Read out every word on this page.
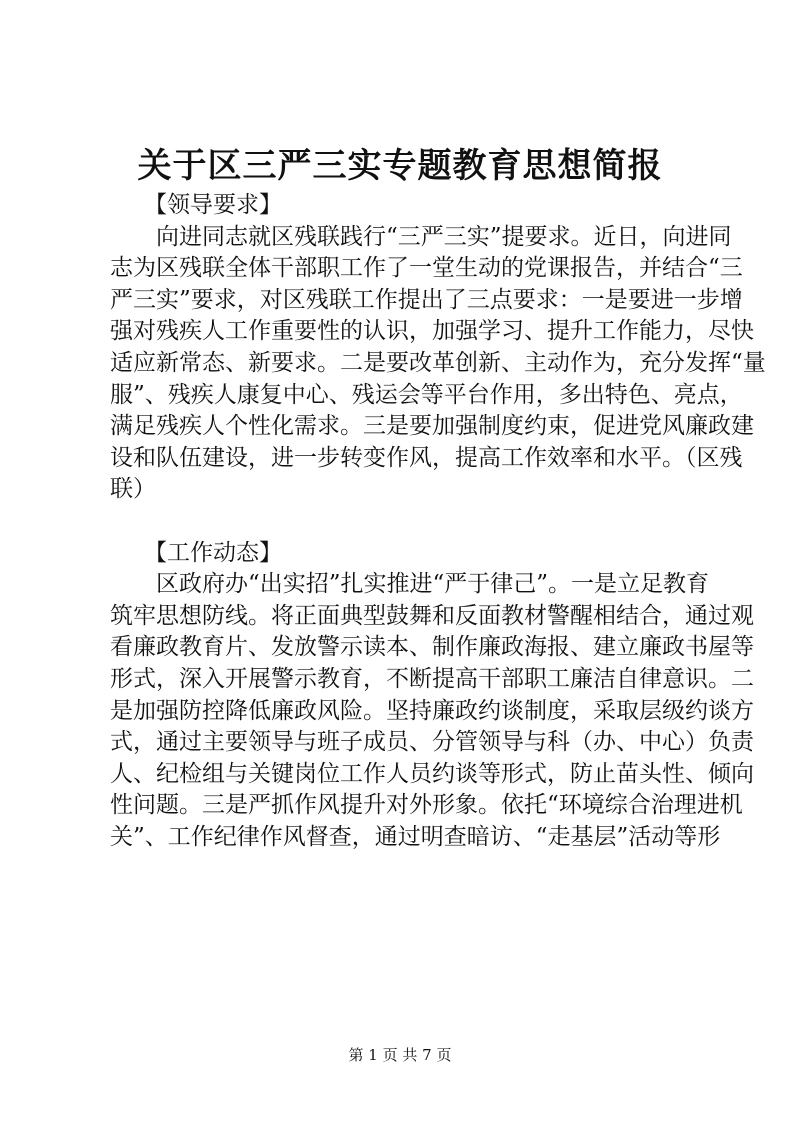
关于区三严三实专题教育思想简报
【领导要求】
　　向进同志就区残联践行“三严三实”提要求。近日，向进同
志为区残联全体干部职工作了一堂生动的党课报告，并结合“三
严三实”要求，对区残联工作提出了三点要求：一是要进一步增
强对残疾人工作重要性的认识，加强学习、提升工作能力，尽快
适应新常态、新要求。二是要改革创新、主动作为，充分发挥“量
服”、残疾人康复中心、残运会等平台作用，多出特色、亮点，
满足残疾人个性化需求。三是要加强制度约束，促进党风廉政建
设和队伍建设，进一步转变作风，提高工作效率和水平。（区残
联）
【工作动态】
　　区政府办“出实招”扎实推进“严于律己”。一是立足教育
筑牢思想防线。将正面典型鼓舞和反面教材警醒相结合，通过观
看廉政教育片、发放警示读本、制作廉政海报、建立廉政书屋等
形式，深入开展警示教育，不断提高干部职工廉洁自律意识。二
是加强防控降低廉政风险。坚持廉政约谈制度，采取层级约谈方
式，通过主要领导与班子成员、分管领导与科（办、中心）负责
人、纪检组与关键岗位工作人员约谈等形式，防止苗头性、倾向
性问题。三是严抓作风提升对外形象。依托“环境综合治理进机
关”、工作纪律作风督查，通过明查暗访、“走基层”活动等形
第 1 页 共 7 页
